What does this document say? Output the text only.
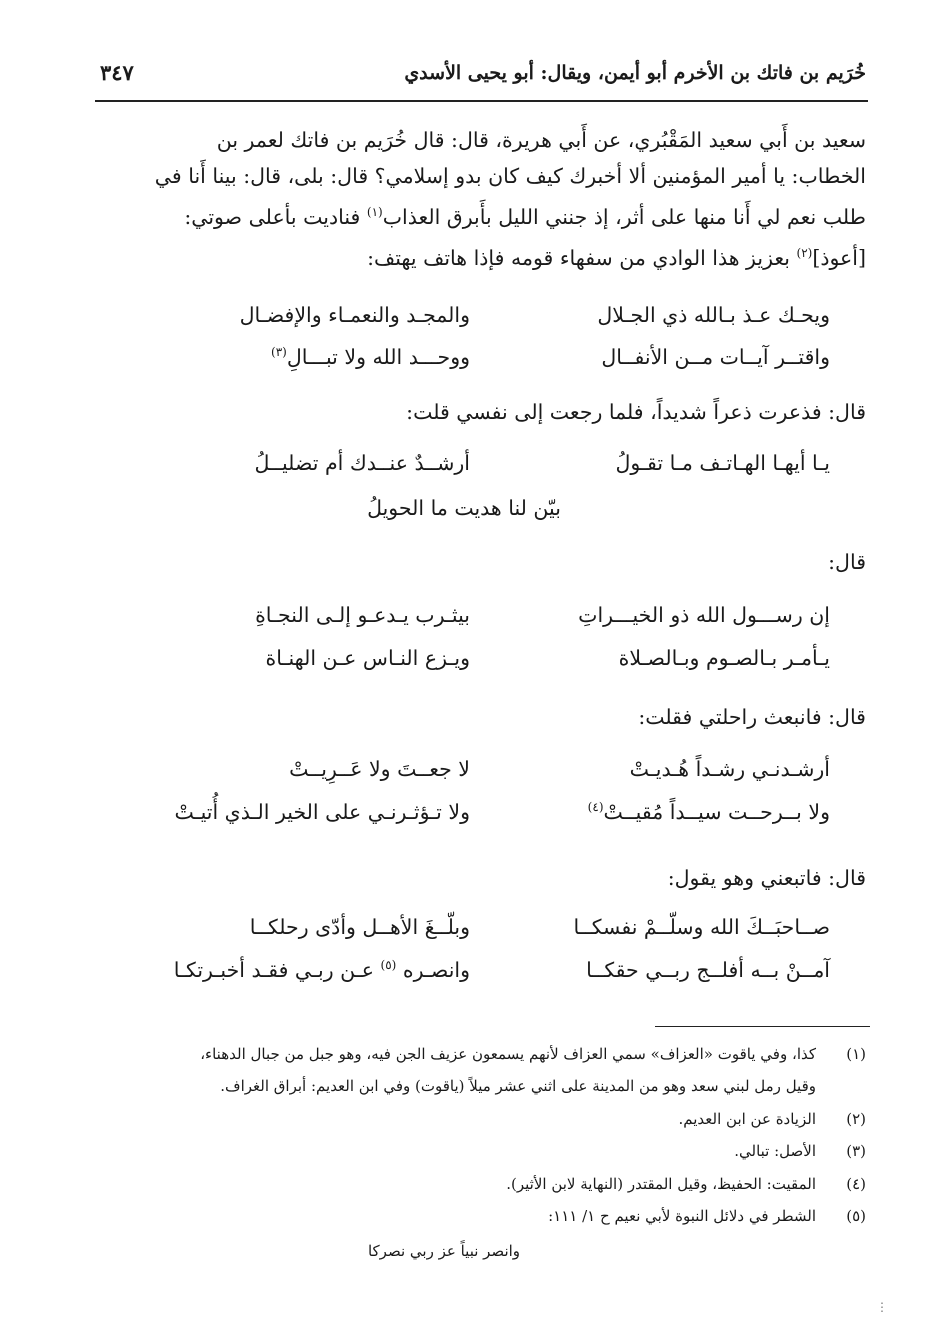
خُرَيم بن فاتك بن الأخرم أبو أيمن، ويقال: أبو يحيى الأسدي
٣٤٧
سعيد بن أَبي سعيد المَقْبُري، عن أَبي هريرة، قال: قال خُرَيم بن فاتك لعمر بن
الخطاب: يا أمير المؤمنين ألا أخبرك كيف كان بدو إسلامي؟ قال: بلى، قال: بينا أَنا في
طلب نعم لي أَنا منها على أثر، إذ جنني الليل بأَبرق العذاب$^{(١)}$ فناديت بأعلى صوتي:
[أعوذ]$^{(٢)}$ بعزيز هذا الوادي من سفهاء قومه فإذا هاتف يهتف:
ويحـك عـذ بـالله ذي الجـلال
والمجـد والنعمـاء والإفضـال
واقتــر آيــات مــن الأنفــال
ووحـــد الله ولا تبـــالِ$^{(٣)}$
قال: فذعرت ذعراً شديداً، فلما رجعت إلى نفسي قلت:
يـا أيهـا الهـاتـف مـا تقـولُ
أرشــدٌ عنــدك أم تضليــلُ
بيّن لنا هديت ما الحويلُ
قال:
إن رســـول الله ذو الخيـــراتِ
بيثـرب يـدعـو إلـى النجـاةِ
يـأمـر بـالصـوم وبـالصـلاة
ويـزع النـاس عـن الهنـاة
قال: فانبعث راحلتي فقلت:
أرشـدنـي رشـداً هُـديـتْ
لا جعــتَ ولا عَــرِيــتْ
ولا بــرحــت سيــداً مُقيــتْ$^{(٤)}$
ولا تـؤثـرنـي على الخير الـذي أُتيـتْ
قال: فاتبعني وهو يقول:
صــاحبَــكَ الله وسلّــمْ نفسكــا
وبلّــغَ الأهــل وأدّى رحلكــا
آمــنْ بــه أفلــج ربــي حقكــا
وانصـره $^{(٥)}$ عـن ربـي فقـد أخبـرتكـا
(١)كذا، وفي ياقوت «العزاف» سمي العزاف لأنهم يسمعون عزيف الجن فيه، وهو جبل من جبال الدهناء،
وقيل رمل لبني سعد وهو من المدينة على اثني عشر ميلاً (ياقوت) وفي ابن العديم: أبراق الغراف.
(٢)الزيادة عن ابن العديم.
(٣)الأصل: تبالي.
(٤)المقيت: الحفيظ، وقيل المقتدر (النهاية لابن الأثير).
(٥)الشطر في دلائل النبوة لأبي نعيم ح ١/ ١١١:
وانصر نبياً عز ربي نصركا
⋮
